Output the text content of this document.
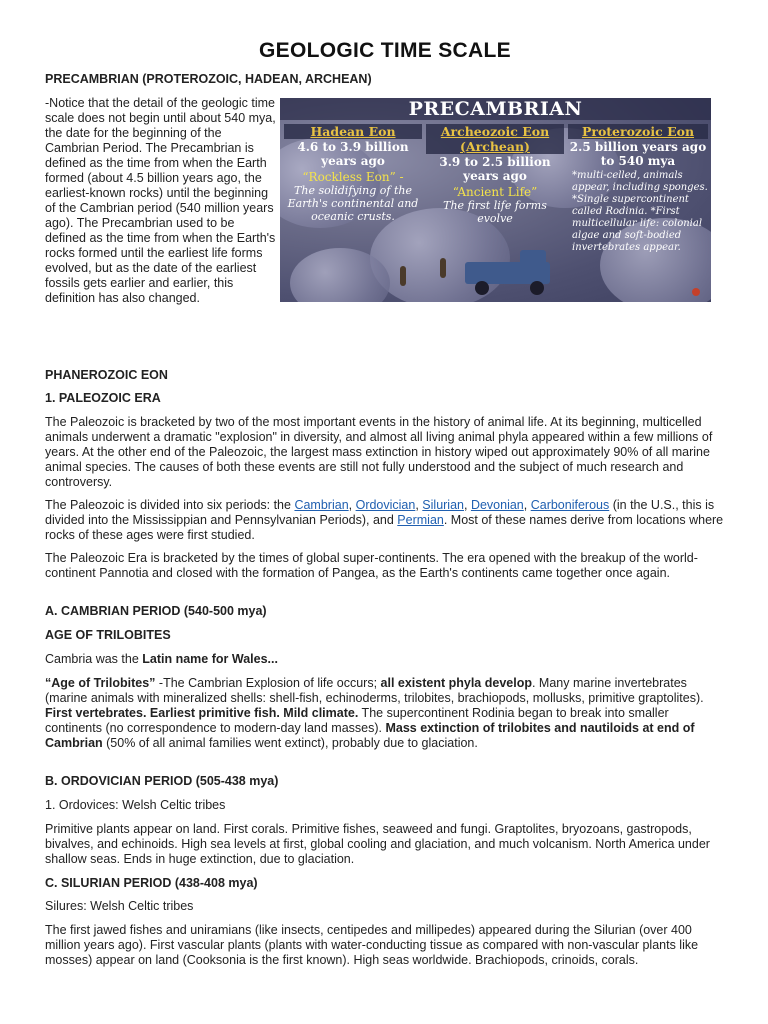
GEOLOGIC TIME SCALE

PRECAMBRIAN (PROTEROZOIC, HADEAN, ARCHEAN)

-Notice that the detail of the geologic time scale does not begin until about 540 mya, the date for the beginning of the Cambrian Period. The Precambrian is defined as the time from when the Earth formed (about 4.5 billion years ago, the earliest-known rocks) until the beginning of the Cambrian period (540 million years ago). The Precambrian used to be defined as the time from when the Earth's rocks formed until the earliest life forms evolved, but as the date of the earliest fossils gets earlier and earlier, this definition has also changed.

PRECAMBRIAN
Hadean Eon
4.6 to 3.9 billion years ago
“Rockless Eon” -
The solidifying of the Earth's continental and oceanic crusts.
Archeozoic Eon (Archean)
3.9 to 2.5 billion years ago
“Ancient Life”
The first life forms evolve
Proterozoic Eon
2.5 billion years ago to 540 mya
*multi-celled, animals appear, including sponges. *Single supercontinent called Rodinia. *First multicellular life: colonial algae and soft-bodied invertebrates appear.

PHANEROZOIC EON

1. PALEOZOIC ERA

The Paleozoic is bracketed by two of the most important events in the history of animal life. At its beginning, multicelled animals underwent a dramatic "explosion" in diversity, and almost all living animal phyla appeared within a few millions of years. At the other end of the Paleozoic, the largest mass extinction in history wiped out approximately 90% of all marine animal species. The causes of both these events are still not fully understood and the subject of much research and controversy.

The Paleozoic is divided into six periods: the Cambrian, Ordovician, Silurian, Devonian, Carboniferous (in the U.S., this is divided into the Mississippian and Pennsylvanian Periods), and Permian. Most of these names derive from locations where rocks of these ages were first studied.

The Paleozoic Era is bracketed by the times of global super-continents. The era opened with the breakup of the world-continent Pannotia and closed with the formation of Pangea, as the Earth's continents came together once again.

A. CAMBRIAN PERIOD (540-500 mya)

AGE OF TRILOBITES

Cambria was the Latin name for Wales...

“Age of Trilobites” -The Cambrian Explosion of life occurs; all existent phyla develop. Many marine invertebrates (marine animals with mineralized shells: shell-fish, echinoderms, trilobites, brachiopods, mollusks, primitive graptolites). First vertebrates. Earliest primitive fish. Mild climate. The supercontinent Rodinia began to break into smaller continents (no correspondence to modern-day land masses). Mass extinction of trilobites and nautiloids at end of Cambrian (50% of all animal families went extinct), probably due to glaciation.

B. ORDOVICIAN PERIOD (505-438 mya)

1. Ordovices: Welsh Celtic tribes

Primitive plants appear on land. First corals. Primitive fishes, seaweed and fungi. Graptolites, bryozoans, gastropods, bivalves, and echinoids. High sea levels at first, global cooling and glaciation, and much volcanism. North America under shallow seas. Ends in huge extinction, due to glaciation.

C. SILURIAN PERIOD (438-408 mya)

Silures: Welsh Celtic tribes

The first jawed fishes and uniramians (like insects, centipedes and millipedes) appeared during the Silurian (over 400 million years ago). First vascular plants (plants with water-conducting tissue as compared with non-vascular plants like mosses) appear on land (Cooksonia is the first known). High seas worldwide. Brachiopods, crinoids, corals.
